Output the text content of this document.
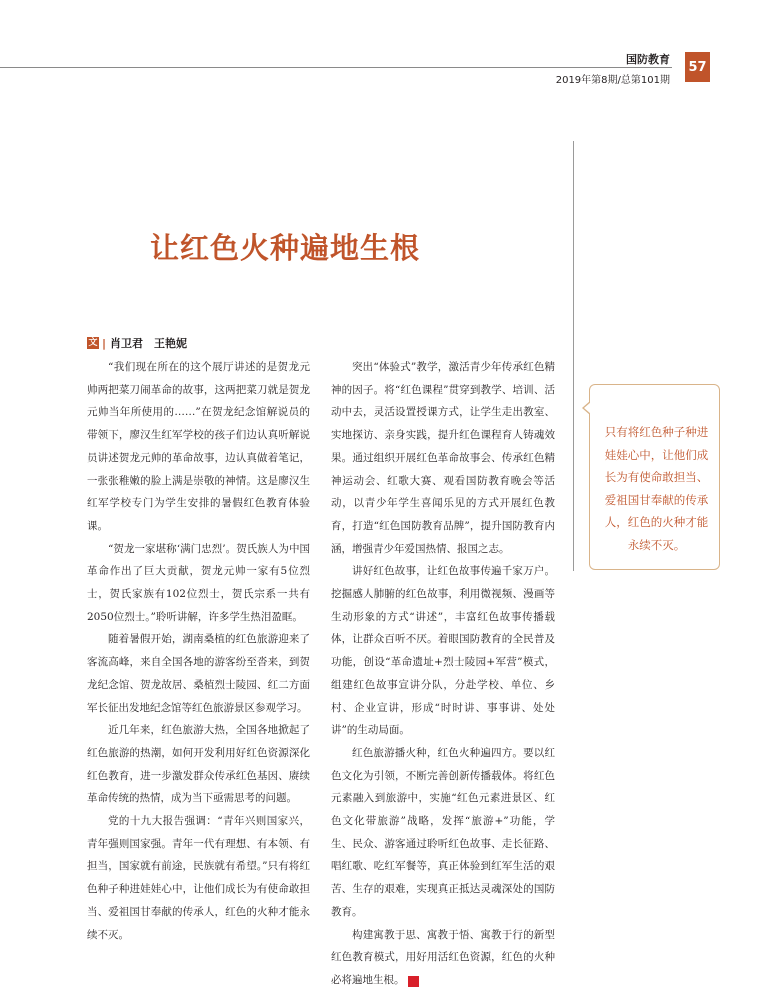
国防教育
2019年第8期/总第101期
57
让红色火种遍地生根
文 | 肖卫君　王艳妮

“我们现在所在的这个展厅讲述的是贺龙元帅两把菜刀闹革命的故事，这两把菜刀就是贺龙元帅当年所使用的……”在贺龙纪念馆解说员的带领下，廖汉生红军学校的孩子们边认真听解说员讲述贺龙元帅的革命故事，边认真做着笔记，一张张稚嫩的脸上满是崇敬的神情。这是廖汉生红军学校专门为学生安排的暑假红色教育体验课。

“贺龙一家堪称‘满门忠烈’。贺氏族人为中国革命作出了巨大贡献，贺龙元帅一家有5位烈士，贺氏家族有102位烈士，贺氏宗系一共有2050位烈士。”聆听讲解，许多学生热泪盈眶。

随着暑假开始，湖南桑植的红色旅游迎来了客流高峰，来自全国各地的游客纷至沓来，到贺龙纪念馆、贺龙故居、桑植烈士陵园、红二方面军长征出发地纪念馆等红色旅游景区参观学习。

近几年来，红色旅游大热，全国各地掀起了红色旅游的热潮，如何开发利用好红色资源深化红色教育，进一步激发群众传承红色基因、赓续革命传统的热情，成为当下亟需思考的问题。

党的十九大报告强调：“青年兴则国家兴，青年强则国家强。青年一代有理想、有本领、有担当，国家就有前途，民族就有希望。”只有将红色种子种进娃娃心中，让他们成长为有使命敢担当、爱祖国甘奉献的传承人，红色的火种才能永续不灭。

突出“体验式”教学，激活青少年传承红色精神的因子。将“红色课程”贯穿到教学、培训、活动中去，灵活设置授课方式，让学生走出教室、实地探访、亲身实践，提升红色课程育人铸魂效果。通过组织开展红色革命故事会、传承红色精神运动会、红歌大赛、观看国防教育晚会等活动，以青少年学生喜闻乐见的方式开展红色教育，打造“红色国防教育品牌”，提升国防教育内涵，增强青少年爱国热情、报国之志。

讲好红色故事，让红色故事传遍千家万户。挖掘感人肺腑的红色故事，利用微视频、漫画等生动形象的方式“讲述”，丰富红色故事传播载体，让群众百听不厌。着眼国防教育的全民普及功能，创设“革命遗址+烈士陵园+军营”模式，组建红色故事宣讲分队，分赴学校、单位、乡村、企业宣讲，形成“时时讲、事事讲、处处讲”的生动局面。

红色旅游播火种，红色火种遍四方。要以红色文化为引领，不断完善创新传播载体。将红色元素融入到旅游中，实施“红色元素进景区、红色文化带旅游”战略，发挥“旅游+”功能，学生、民众、游客通过聆听红色故事、走长征路、唱红歌、吃红军餐等，真正体验到红军生活的艰苦、生存的艰难，实现真正抵达灵魂深处的国防教育。

构建寓教于思、寓教于悟、寓教于行的新型红色教育模式，用好用活红色资源，红色的火种必将遍地生根。	G

只有将红色种子种进娃娃心中，让他们成长为有使命敢担当、爱祖国甘奉献的传承人，红色的火种才能永续不灭。
